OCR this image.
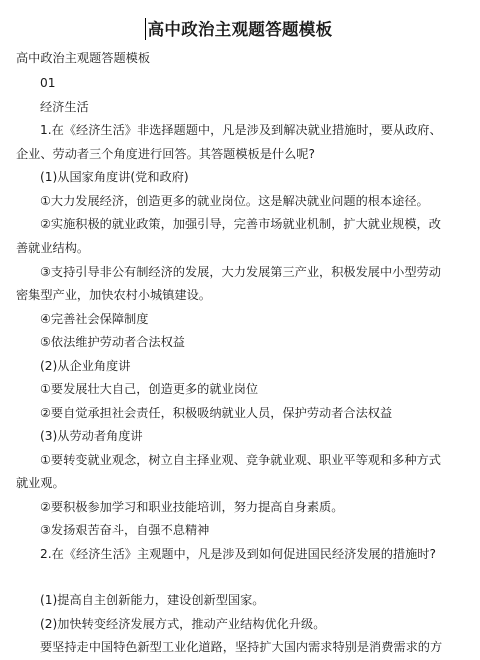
高中政治主观题答题模板
高中政治主观题答题模板
01
经济生活
1.在《经济生活》非选择题题中，凡是涉及到解决就业措施时，要从政府、
企业、劳动者三个角度进行回答。其答题模板是什么呢?
(1)从国家角度讲(党和政府)
①大力发展经济，创造更多的就业岗位。这是解决就业问题的根本途径。
②实施积极的就业政策，加强引导，完善市场就业机制，扩大就业规模，改
善就业结构。
③支持引导非公有制经济的发展，大力发展第三产业，积极发展中小型劳动
密集型产业，加快农村小城镇建设。
④完善社会保障制度
⑤依法维护劳动者合法权益
(2)从企业角度讲
①要发展壮大自己，创造更多的就业岗位
②要自觉承担社会责任，积极吸纳就业人员，保护劳动者合法权益
(3)从劳动者角度讲
①要转变就业观念，树立自主择业观、竞争就业观、职业平等观和多种方式
就业观。
②要积极参加学习和职业技能培训，努力提高自身素质。
③发扬艰苦奋斗，自强不息精神
2.在《经济生活》主观题中，凡是涉及到如何促进国民经济发展的措施时?
(1)提高自主创新能力，建设创新型国家。
(2)加快转变经济发展方式，推动产业结构优化升级。
要坚持走中国特色新型工业化道路，坚持扩大国内需求特别是消费需求的方
